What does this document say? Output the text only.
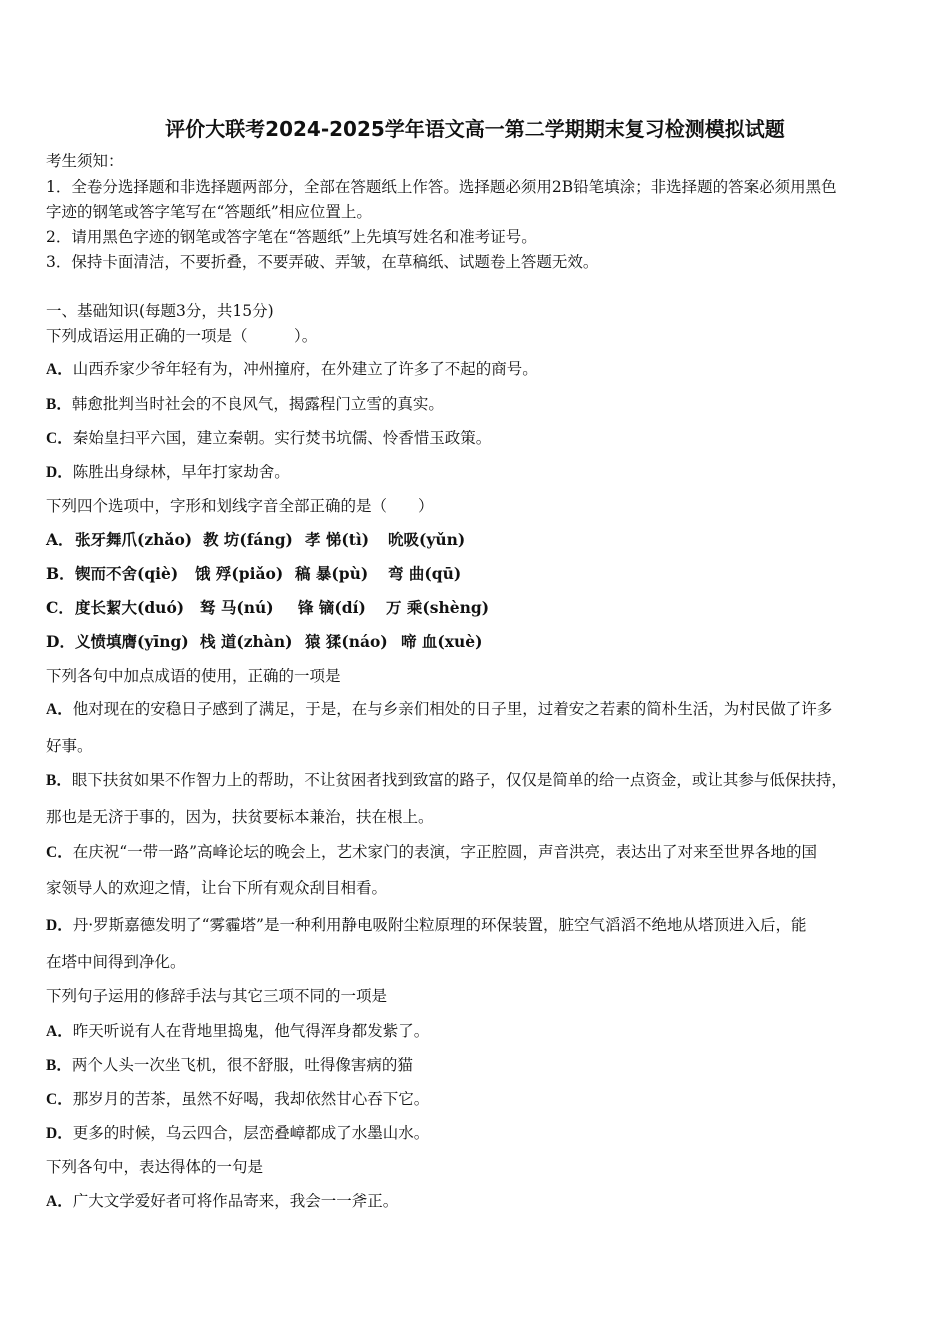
评价大联考2024-2025学年语文高一第二学期期末复习检测模拟试题
考生须知：
1．全卷分选择题和非选择题两部分，全部在答题纸上作答。选择题必须用2B铅笔填涂；非选择题的答案必须用黑色
字迹的钢笔或答字笔写在“答题纸”相应位置上。
2．请用黑色字迹的钢笔或答字笔在“答题纸”上先填写姓名和准考证号。
3．保持卡面清洁，不要折叠，不要弄破、弄皱，在草稿纸、试题卷上答题无效。
一、基础知识(每题3分，共15分)
下列成语运用正确的一项是（　　　）。
A．山西乔家少爷年轻有为，冲州撞府，在外建立了许多了不起的商号。
B．韩愈批判当时社会的不良风气，揭露程门立雪的真实。
C．秦始皇扫平六国，建立秦朝。实行焚书坑儒、怜香惜玉政策。
D．陈胜出身绿林，早年打家劫舍。
下列四个选项中，字形和划线字音全部正确的是（　　）
A． 张牙舞爪(zhǎo) 教 坊(fáng) 孝 悌(tì) 吮吸(yǔn)
B． 锲而不舍(qiè) 饿 殍(piǎo) 稿 暴(pù) 弯 曲(qū)
C． 度长絜大(duó) 驽 马(nú) 锋 镝(dí) 万 乘(shèng)
D． 义愤填膺(yīng) 栈 道(zhàn) 猿 猱(náo) 啼 血(xuè)
下列各句中加点成语的使用，正确的一项是
A．他对现在的安稳日子感到了满足，于是，在与乡亲们相处的日子里，过着安之若素的简朴生活，为村民做了许多
好事。
B．眼下扶贫如果不作智力上的帮助，不让贫困者找到致富的路子，仅仅是简单的给一点资金，或让其参与低保扶持，
那也是无济于事的，因为，扶贫要标本兼治，扶在根上。
C．在庆祝“一带一路”高峰论坛的晚会上，艺术家门的表演，字正腔圆，声音洪亮，表达出了对来至世界各地的国
家领导人的欢迎之情，让台下所有观众刮目相看。
D．丹·罗斯嘉德发明了“雾霾塔”是一种利用静电吸附尘粒原理的环保装置，脏空气滔滔不绝地从塔顶进入后，能
在塔中间得到净化。
下列句子运用的修辞手法与其它三项不同的一项是
A．昨天听说有人在背地里捣鬼，他气得浑身都发紫了。
B．两个人头一次坐飞机，很不舒服，吐得像害病的猫
C．那岁月的苦茶，虽然不好喝，我却依然甘心吞下它。
D．更多的时候，乌云四合，层峦叠嶂都成了水墨山水。
下列各句中，表达得体的一句是
A．广大文学爱好者可将作品寄来，我会一一斧正。
